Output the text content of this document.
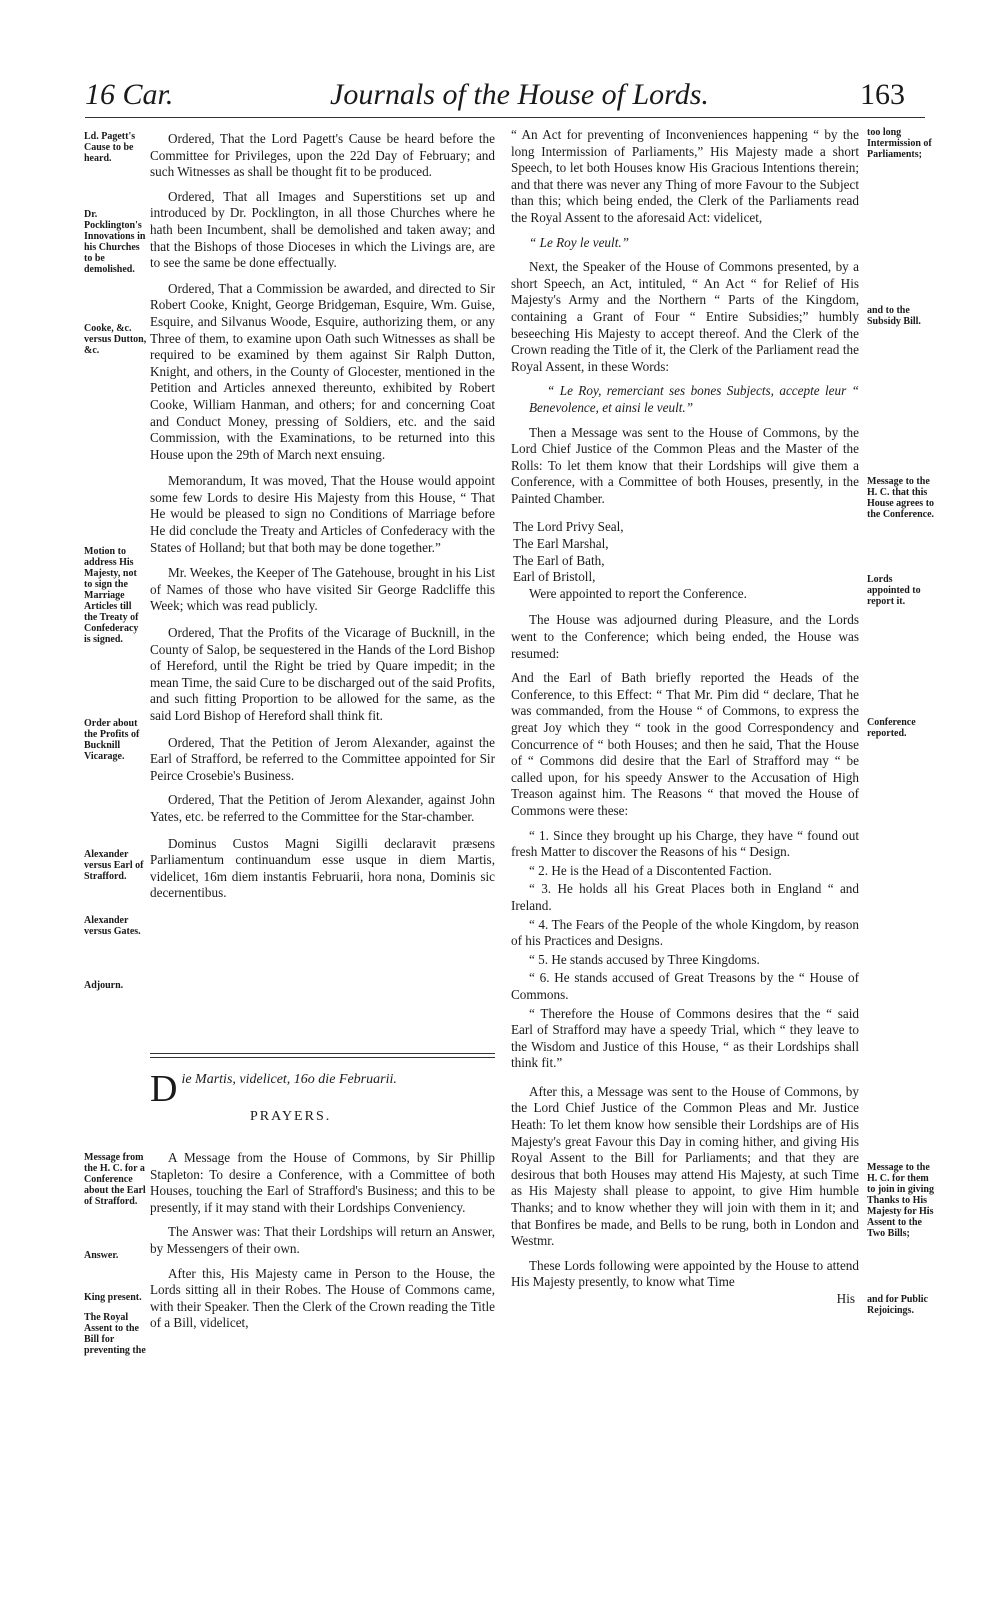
16 Car.	Journals of the House of Lords.	163
Ld. Pagett's Cause to be heard.
Dr. Pocklington's Innovations in his Churches to be demolished.
Cooke, &c. versus Dutton, &c.
Motion to address His Majesty, not to sign the Marriage Articles till the Treaty of Confederacy is signed.
Order about the Profits of Bucknill Vicarage.
Alexander versus Earl of Strafford.
Alexander versus Gates.
Adjourn.
Message from the H. C. for a Conference about the Earl of Strafford.
Answer.
King present.
The Royal Assent to the Bill for preventing the
too long Intermission of Parliaments;
and to the Subsidy Bill.
Message to the H. C. that this House agrees to the Conference.
Lords appointed to report it.
Conference reported.
Message to the H. C. for them to join in giving Thanks to His Majesty for His Assent to the Two Bills;
and for Public Rejoicings.

Ordered, That the Lord Pagett's Cause be heard before the Committee for Privileges, upon the 22d Day of February; and such Witnesses as shall be thought fit to be produced.

Ordered, That all Images and Superstitions set up and introduced by Dr. Pocklington, in all those Churches where he hath been Incumbent, shall be demolished and taken away; and that the Bishops of those Dioceses in which the Livings are, are to see the same be done effectually.

Ordered, That a Commission be awarded, and directed to Sir Robert Cooke, Knight, George Bridgeman, Esquire, Wm. Guise, Esquire, and Silvanus Woode, Esquire, authorizing them, or any Three of them, to examine upon Oath such Witnesses as shall be required to be examined by them against Sir Ralph Dutton, Knight, and others, in the County of Glocester, mentioned in the Petition and Articles annexed thereunto, exhibited by Robert Cooke, William Hanman, and others; for and concerning Coat and Conduct Money, pressing of Soldiers, etc. and the said Commission, with the Examinations, to be returned into this House upon the 29th of March next ensuing.

Memorandum, It was moved, That the House would appoint some few Lords to desire His Majesty from this House, “ That He would be pleased to sign no Conditions of Marriage before He did conclude the Treaty and Articles of Confederacy with the States of Holland; but that both may be done together.”

Mr. Weekes, the Keeper of The Gatehouse, brought in his List of Names of those who have visited Sir George Radcliffe this Week; which was read publicly.

Ordered, That the Profits of the Vicarage of Bucknill, in the County of Salop, be sequestered in the Hands of the Lord Bishop of Hereford, until the Right be tried by Quare impedit; in the mean Time, the said Cure to be discharged out of the said Profits, and such fitting Proportion to be allowed for the same, as the said Lord Bishop of Hereford shall think fit.

Ordered, That the Petition of Jerom Alexander, against the Earl of Strafford, be referred to the Committee appointed for Sir Peirce Crosebie's Business.

Ordered, That the Petition of Jerom Alexander, against John Yates, etc. be referred to the Committee for the Star-chamber.

Dominus Custos Magni Sigilli declaravit præsens Parliamentum continuandum esse usque in diem Martis, videlicet, 16m diem instantis Februarii, hora nona, Dominis sic decernentibus.

D ie Martis, videlicet, 16o die Februarii.
PRAYERS.

A Message from the House of Commons, by Sir Phillip Stapleton: To desire a Conference, with a Committee of both Houses, touching the Earl of Strafford's Business; and this to be presently, if it may stand with their Lordships Conveniency.

The Answer was: That their Lordships will return an Answer, by Messengers of their own.

After this, His Majesty came in Person to the House, the Lords sitting all in their Robes. The House of Commons came, with their Speaker. Then the Clerk of the Crown reading the Title of a Bill, videlicet,

“ An Act for preventing of Inconveniences happening “ by the long Intermission of Parliaments,” His Majesty made a short Speech, to let both Houses know His Gracious Intentions therein; and that there was never any Thing of more Favour to the Subject than this; which being ended, the Clerk of the Parliaments read the Royal Assent to the aforesaid Act: videlicet,

“ Le Roy le veult.”

Next, the Speaker of the House of Commons presented, by a short Speech, an Act, intituled, “ An Act “ for Relief of His Majesty's Army and the Northern “ Parts of the Kingdom, containing a Grant of Four “ Entire Subsidies;” humbly beseeching His Majesty to accept thereof. And the Clerk of the Crown reading the Title of it, the Clerk of the Parliament read the Royal Assent, in these Words:

“ Le Roy, remerciant ses bones Subjects, accepte leur “ Benevolence, et ainsi le veult.”

Then a Message was sent to the House of Commons, by the Lord Chief Justice of the Common Pleas and the Master of the Rolls: To let them know that their Lordships will give them a Conference, with a Committee of both Houses, presently, in the Painted Chamber.

The Lord Privy Seal,
The Earl Marshal,
The Earl of Bath,
Earl of Bristoll,
Were appointed to report the Conference.

The House was adjourned during Pleasure, and the Lords went to the Conference; which being ended, the House was resumed:

And the Earl of Bath briefly reported the Heads of the Conference, to this Effect: “ That Mr. Pim did “ declare, That he was commanded, from the House “ of Commons, to express the great Joy which they “ took in the good Correspondency and Concurrence of “ both Houses; and then he said, That the House of “ Commons did desire that the Earl of Strafford may “ be called upon, for his speedy Answer to the Accusation of High Treason against him. The Reasons “ that moved the House of Commons were these:

“ 1. Since they brought up his Charge, they have “ found out fresh Matter to discover the Reasons of his “ Design.

“ 2. He is the Head of a Discontented Faction.

“ 3. He holds all his Great Places both in England “ and Ireland.

“ 4. The Fears of the People of the whole Kingdom, by reason of his Practices and Designs.

“ 5. He stands accused by Three Kingdoms.

“ 6. He stands accused of Great Treasons by the “ House of Commons.

“ Therefore the House of Commons desires that the “ said Earl of Strafford may have a speedy Trial, which “ they leave to the Wisdom and Justice of this House, “ as their Lordships shall think fit.”

After this, a Message was sent to the House of Commons, by the Lord Chief Justice of the Common Pleas and Mr. Justice Heath: To let them know how sensible their Lordships are of His Majesty's great Favour this Day in coming hither, and giving His Royal Assent to the Bill for Parliaments; and that they are desirous that both Houses may attend His Majesty, at such Time as His Majesty shall please to appoint, to give Him humble Thanks; and to know whether they will join with them in it; and that Bonfires be made, and Bells to be rung, both in London and Westmr.

These Lords following were appointed by the House to attend His Majesty presently, to know what Time

His
